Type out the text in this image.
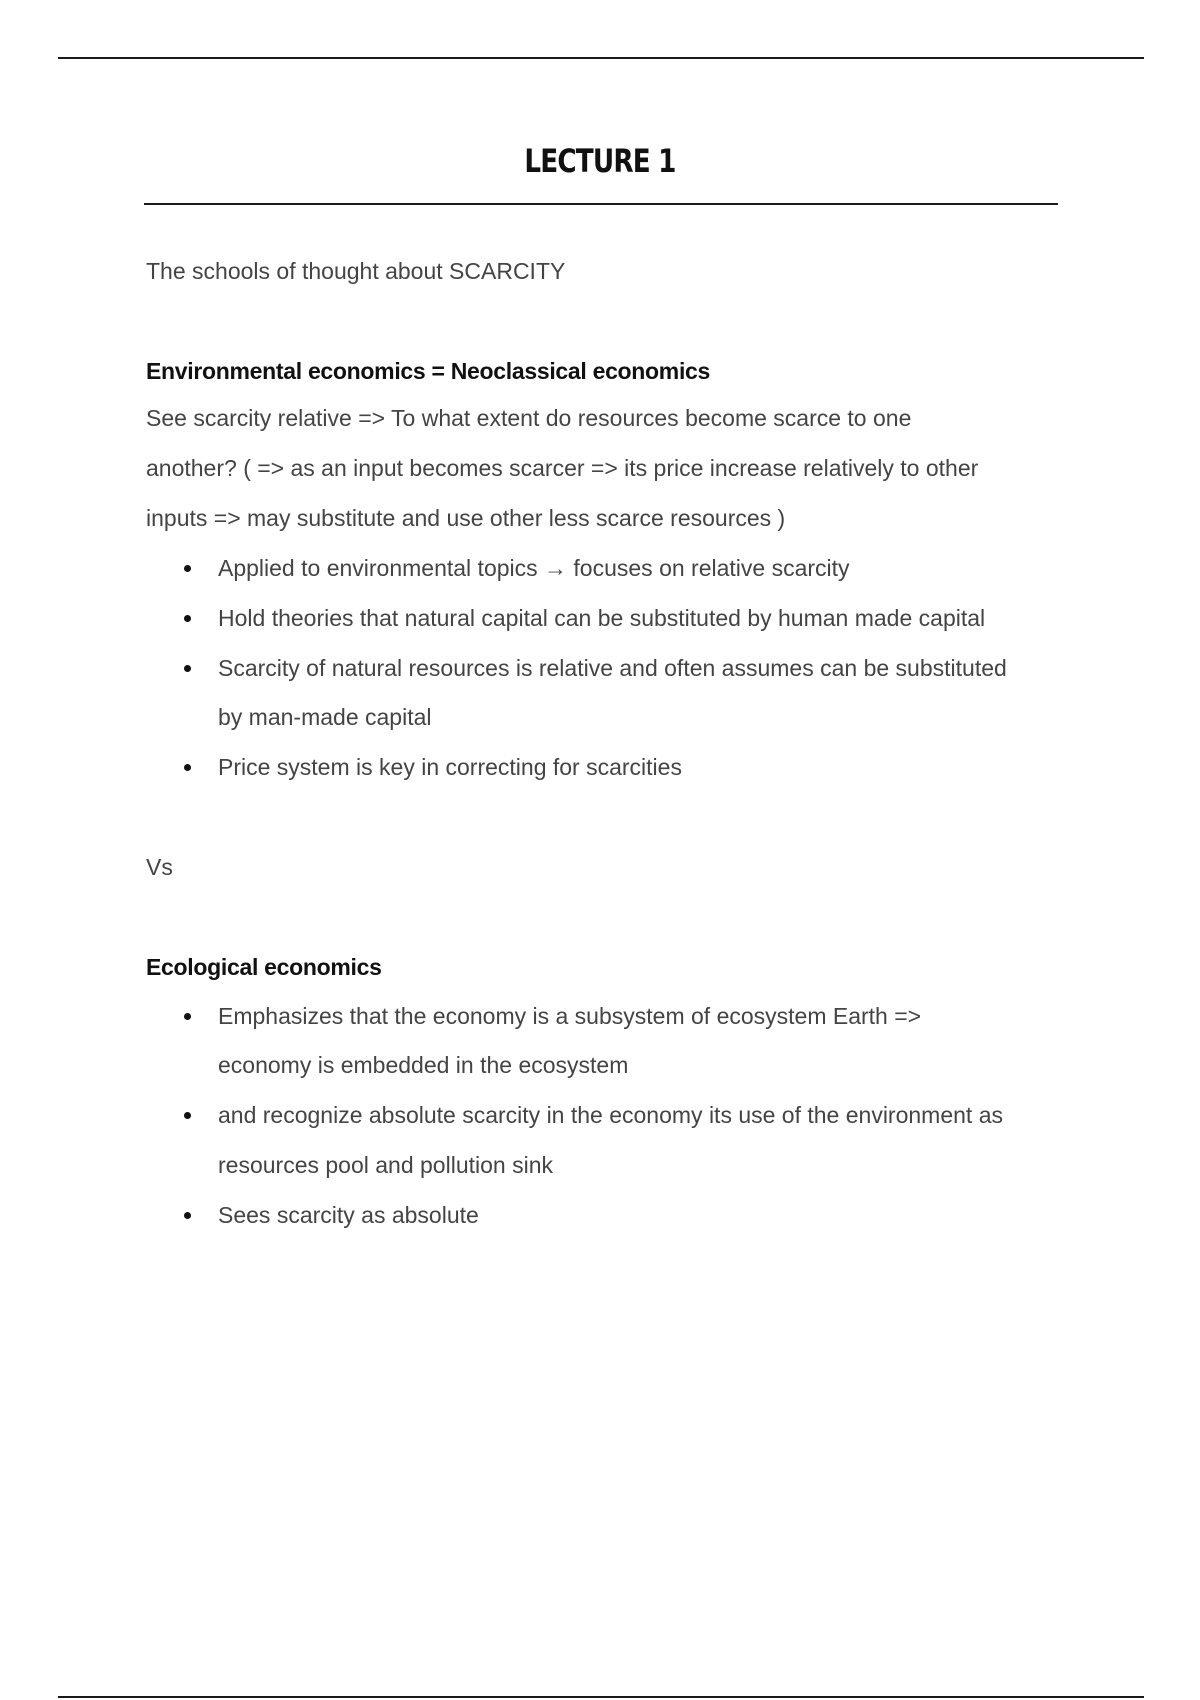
LECTURE 1
The schools of thought about SCARCITY
Environmental economics = Neoclassical economics
See scarcity relative => To what extent do resources become scarce to one
another? ( => as an input becomes scarcer => its price increase relatively to other
inputs => may substitute and use other less scarce resources )
Applied to environmental topics → focuses on relative scarcity
Hold theories that natural capital can be substituted by human made capital
Scarcity of natural resources is relative and often assumes can be substituted
by man-made capital
Price system is key in correcting for scarcities
Vs
Ecological economics
Emphasizes that the economy is a subsystem of ecosystem Earth =>
economy is embedded in the ecosystem
and recognize absolute scarcity in the economy its use of the environment as
resources pool and pollution sink
Sees scarcity as absolute
